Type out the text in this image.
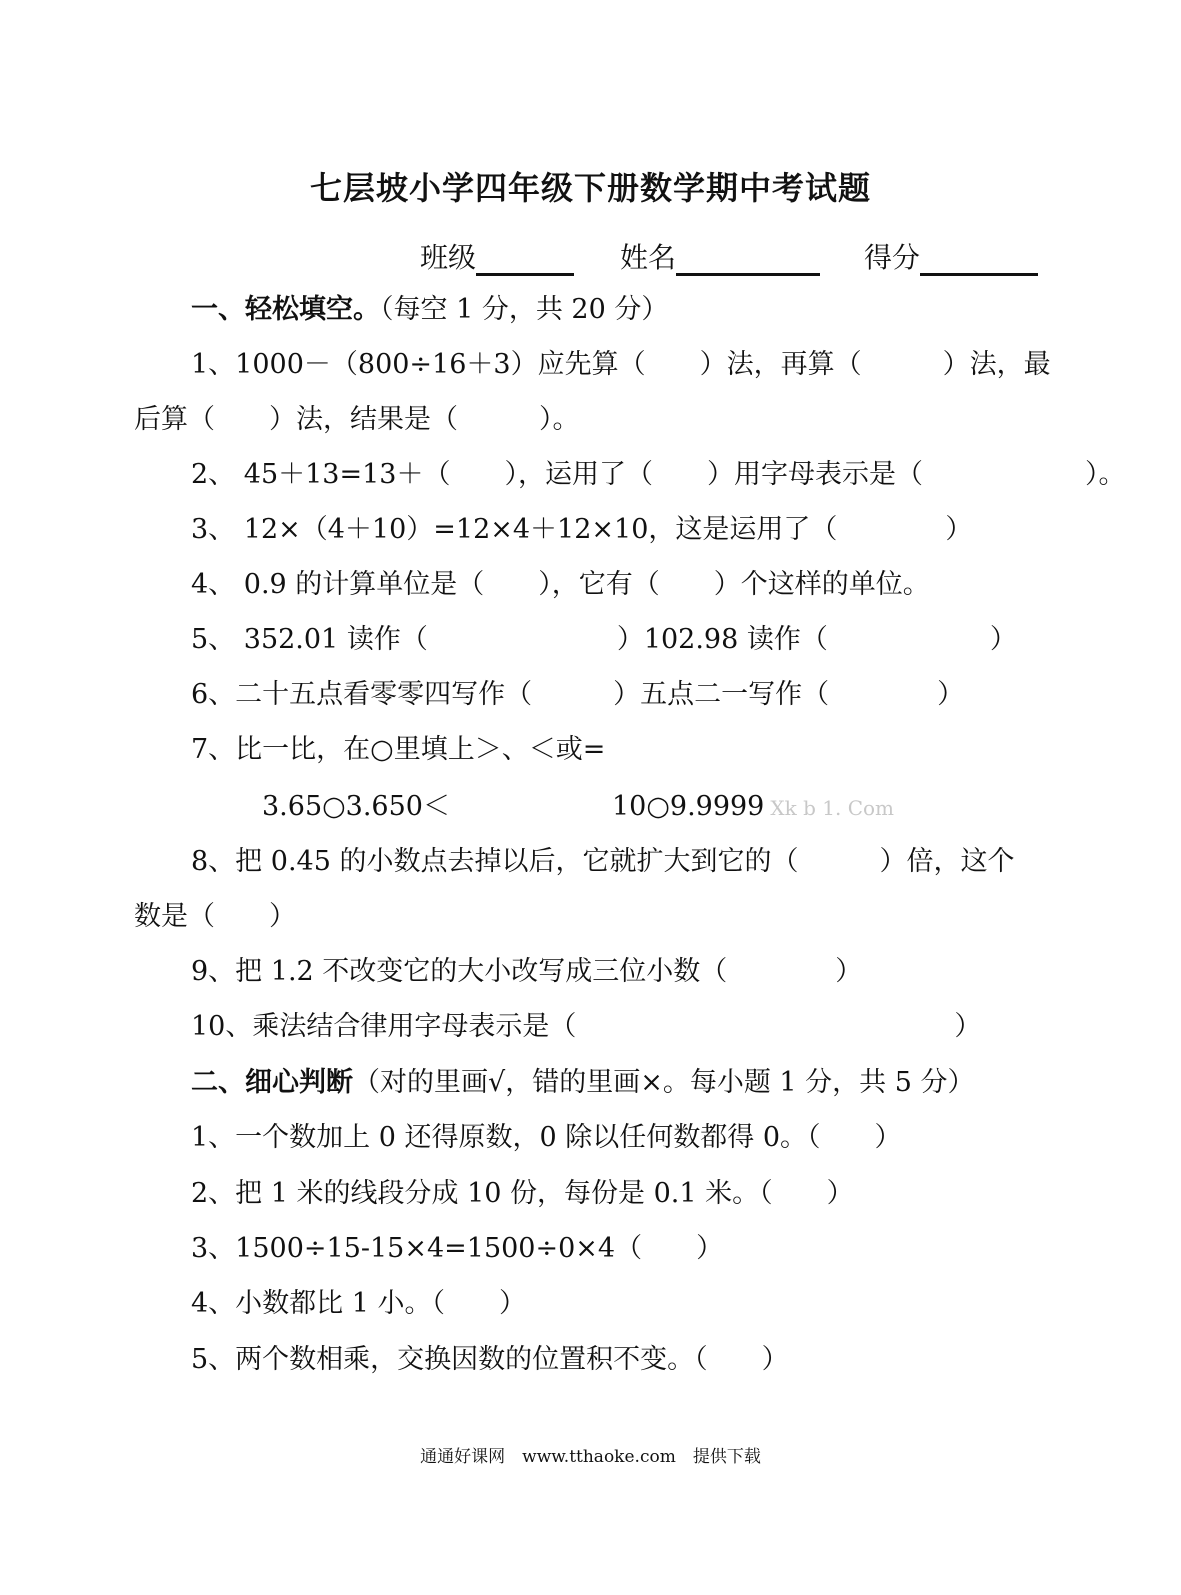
七层坡小学四年级下册数学期中考试题
班级	姓名	得分
一、轻松填空。（每空 1 分，共 20 分）
1、1000－（800÷16＋3）应先算（　　）法，再算（　　　）法，最
后算（　　）法，结果是（　　　）。
2、 45＋13=13＋（　　），运用了（　　）用字母表示是（　　　　　　）。
3、 12×（4＋10）=12×4＋12×10，这是运用了（　　　　）
4、 0.9 的计算单位是（　　），它有（　　）个这样的单位。
5、 352.01 读作（　　　　　　　）102.98 读作（　　　　　　）
6、二十五点看零零四写作（　　　）五点二一写作（　　　　）
7、比一比，在○里填上＞、＜或=
3.65○3.650＜　　　　　　10○9.9999 Xk b 1. Com
8、把 0.45 的小数点去掉以后，它就扩大到它的（　　　）倍，这个
数是（　　）
9、把 1.2 不改变它的大小改写成三位小数（　　　　）
10、乘法结合律用字母表示是（　　　　　　　　　　　　　　）
二、细心判断（对的里画√，错的里画×。每小题 1 分，共 5 分）
1、一个数加上 0 还得原数，0 除以任何数都得 0。（　　）
2、把 1 米的线段分成 10 份，每份是 0.1 米。（　　）
3、1500÷15-15×4=1500÷0×4（　　）
4、小数都比 1 小。（　　）
5、两个数相乘，交换因数的位置积不变。（　　）
通通好课网　www.tthaoke.com　提供下载
